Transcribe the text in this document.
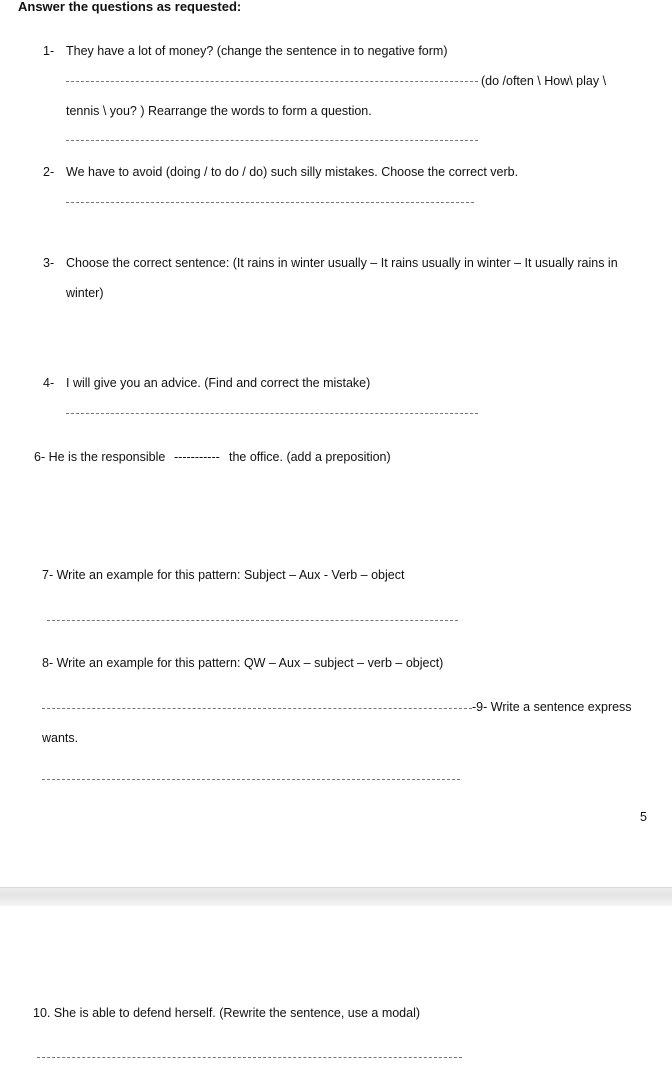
Answer the questions as requested:
1- They have a lot of money? (change the sentence in to negative form)
(do /often \ How\ play \
tennis \ you? ) Rearrange the words to form a question.
2- We have to avoid (doing / to do / do) such silly mistakes. Choose the correct verb.
3- Choose the correct sentence: (It rains in winter usually – It rains usually in winter – It usually rains in
winter)
4- I will give you an advice. (Find and correct the mistake)
6- He is the responsible ----------- the office. (add a preposition)
7- Write an example for this pattern: Subject – Aux - Verb – object
8- Write an example for this pattern: QW – Aux – subject – verb – object)
-9- Write a sentence express
wants.
5
10. She is able to defend herself. (Rewrite the sentence, use a modal)
